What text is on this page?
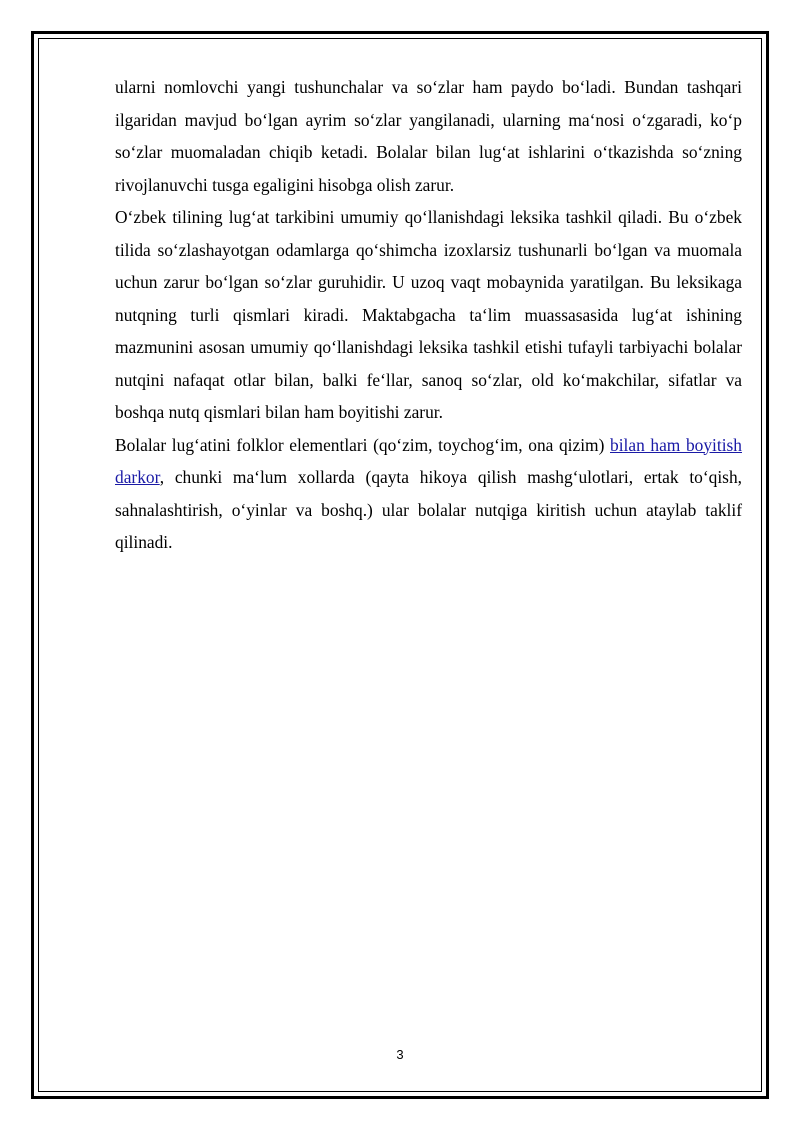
ularni nomlovchi yangi tushunchalar va so‘zlar ham paydo bo‘ladi. Bundan tashqari ilgaridan mavjud bo‘lgan ayrim so‘zlar yangilanadi, ularning ma‘nosi o‘zgaradi, ko‘p so‘zlar muomaladan chiqib ketadi. Bolalar bilan lug‘at ishlarini o‘tkazishda so‘zning rivojlanuvchi tusga egaligini hisobga olish zarur.

O‘zbek tilining lug‘at tarkibini umumiy qo‘llanishdagi leksika tashkil qiladi. Bu o‘zbek tilida so‘zlashayotgan odamlarga qo‘shimcha izoxlarsiz tushunarli bo‘lgan va muomala uchun zarur bo‘lgan so‘zlar guruhidir. U uzoq vaqt mobaynida yaratilgan. Bu leksikaga nutqning turli qismlari kiradi. Maktabgacha ta‘lim muassasasida lug‘at ishining mazmunini asosan umumiy qo‘llanishdagi leksika tashkil etishi tufayli tarbiyachi bolalar nutqini nafaqat otlar bilan, balki fe‘llar, sanoq so‘zlar, old ko‘makchilar, sifatlar va boshqa nutq qismlari bilan ham boyitishi zarur.

Bolalar lug‘atini folklor elementlari (qo‘zim, toychog‘im, ona qizim) bilan ham boyitish darkor, chunki ma‘lum xollarda (qayta hikoya qilish mashg‘ulotlari, ertak to‘qish, sahnalashtirish, o‘yinlar va boshq.) ular bolalar nutqiga kiritish uchun ataylab taklif qilinadi.

3
